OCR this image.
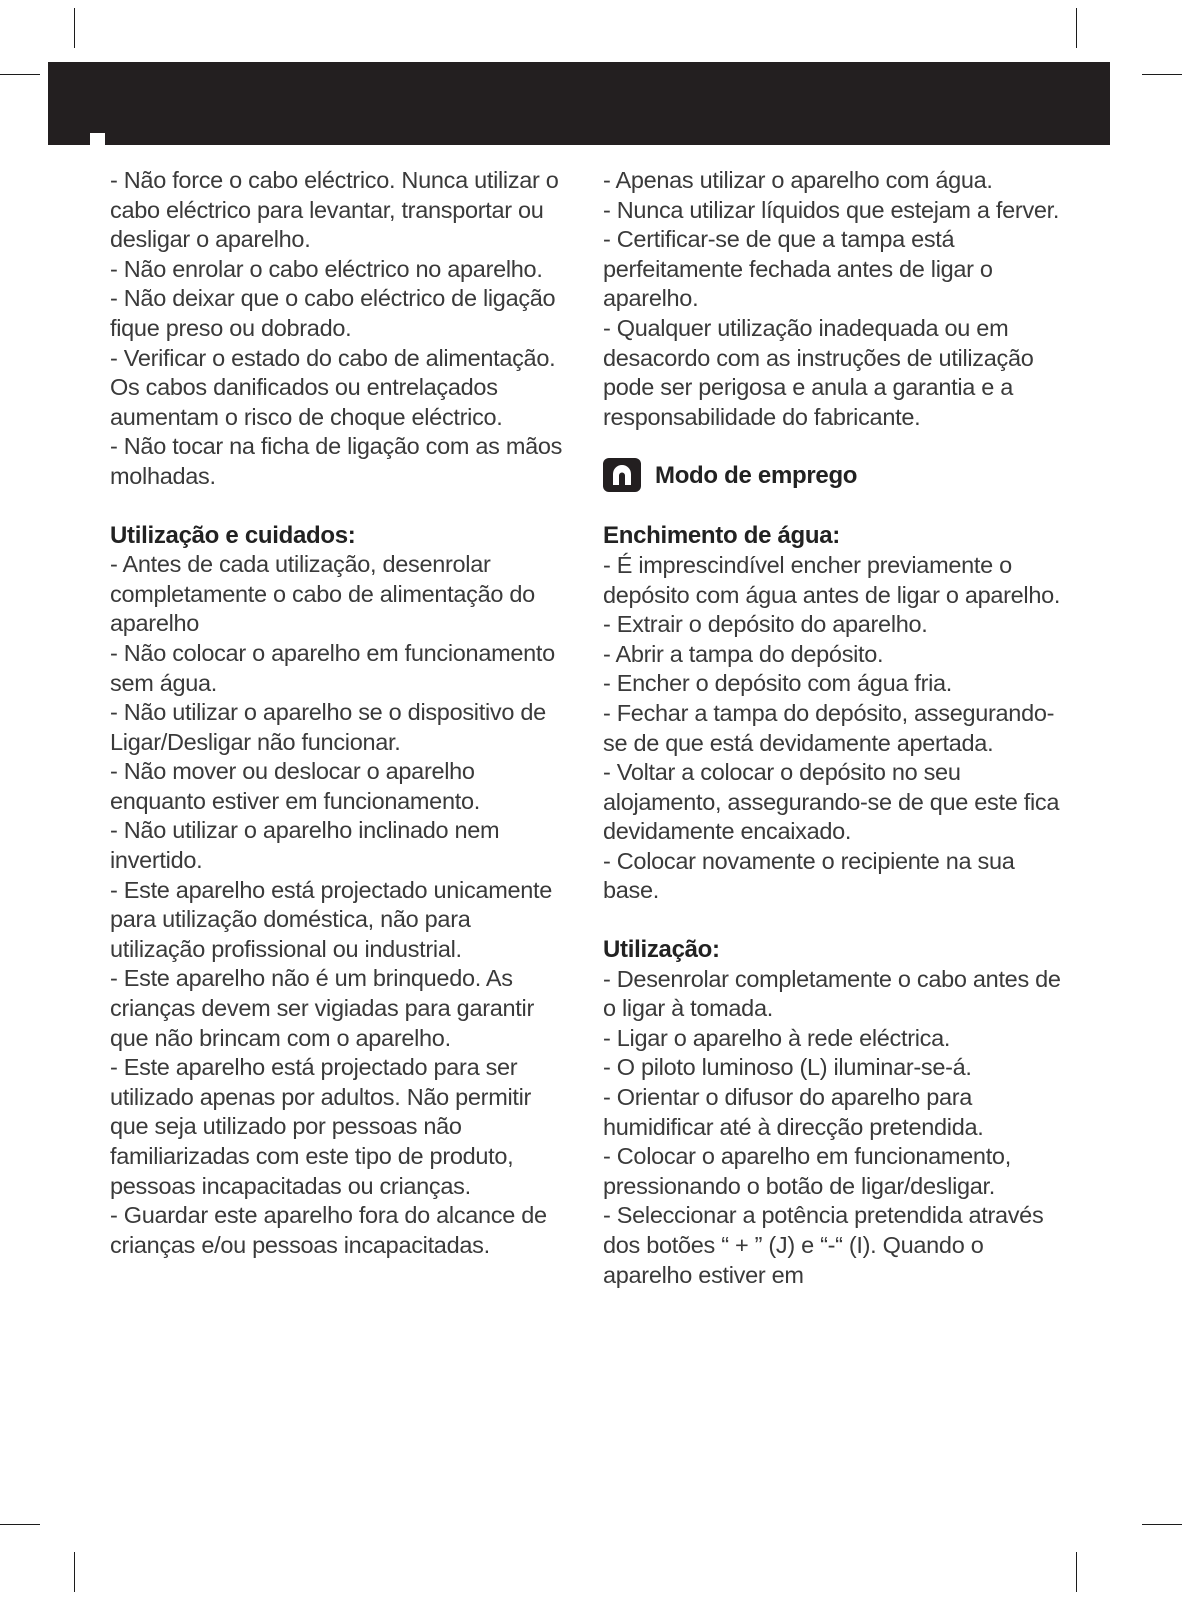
- Não force o cabo eléctrico. Nunca utilizar o cabo eléctrico para levantar, transportar ou desligar o aparelho.

- Não enrolar o cabo eléctrico no aparelho.

- Não deixar que o cabo eléctrico de ligação fique preso ou dobrado.

- Verificar o estado do cabo de alimentação. Os cabos danificados ou entrelaçados aumentam o risco de choque eléctrico.

- Não tocar na ficha de ligação com as mãos molhadas.

Utilização e cuidados:

- Antes de cada utilização, desenrolar completamente o cabo de alimentação do aparelho

- Não colocar o aparelho em funcionamento sem água.

- Não utilizar o aparelho se o dispositivo de Ligar/Desligar não funcionar.

- Não mover ou deslocar o aparelho enquanto estiver em funcionamento.

- Não utilizar o aparelho inclinado nem invertido.

- Este aparelho está projectado unicamente para utilização doméstica, não para utilização profissional ou industrial.

- Este aparelho não é um brinquedo. As crianças devem ser vigiadas para garantir que não brincam com o aparelho.

- Este aparelho está projectado para ser utilizado apenas por adultos. Não permitir que seja utilizado por pessoas não familiarizadas com este tipo de produto, pessoas incapacitadas ou crianças.

- Guardar este aparelho fora do alcance de crianças e/ou pessoas incapacitadas.

- Apenas utilizar o aparelho com água.

- Nunca utilizar líquidos que estejam a ferver.

- Certificar-se de que a tampa está perfeitamente fechada antes de ligar o aparelho.

- Qualquer utilização inadequada ou em desacordo com as instruções de utilização pode ser perigosa e anula a garantia e a responsabilidade do fabricante.

Modo de emprego
Enchimento de água:

- É imprescindível encher previamente o depósito com água antes de ligar o aparelho.

- Extrair o depósito do aparelho.

- Abrir a tampa do depósito.

- Encher o depósito com água fria.

- Fechar a tampa do depósito, assegurando-se de que está devidamente apertada.

- Voltar a colocar o depósito no seu alojamento, assegurando-se de que este fica devidamente encaixado.

- Colocar novamente o recipiente na sua base.

Utilização:

- Desenrolar completamente o cabo antes de o ligar à tomada.

- Ligar o aparelho à rede eléctrica.

- O piloto luminoso (L) iluminar-se-á.

- Orientar o difusor do aparelho para humidificar até à direcção pretendida.

- Colocar o aparelho em funcionamento, pressionando o botão de ligar/desligar.

- Seleccionar a potência pretendida através dos botões “ + ” (J) e “-“ (I). Quando o aparelho estiver em
